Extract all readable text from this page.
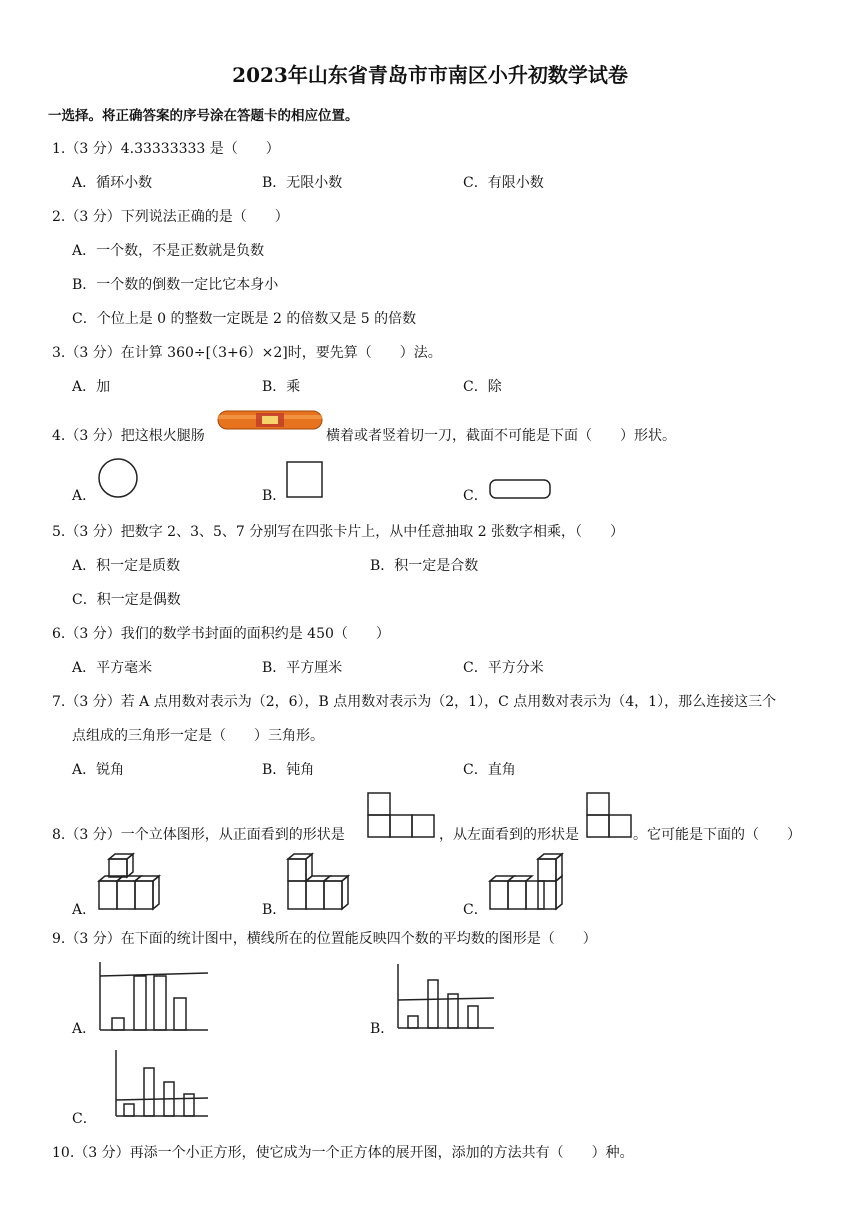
2023年山东省青岛市市南区小升初数学试卷
一选择。将正确答案的序号涂在答题卡的相应位置。
1.（3 分）4.33333333 是（　　）
A．循环小数	B．无限小数	C．有限小数
2.（3 分）下列说法正确的是（　　）
A．一个数，不是正数就是负数
B．一个数的倒数一定比它本身小
C．个位上是 0 的整数一定既是 2 的倍数又是 5 的倍数
3.（3 分）在计算 360÷[（3+6）×2]时，要先算（　　）法。
A．加	B．乘	C．除
4.（3 分）把这根火腿肠	横着或者竖着切一刀，截面不可能是下面（　　）形状。
A．	B．	C．
5.（3 分）把数字 2、3、5、7 分别写在四张卡片上，从中任意抽取 2 张数字相乘，（　　）
A．积一定是质数	B．积一定是合数
C．积一定是偶数
6.（3 分）我们的数学书封面的面积约是 450（　　）
A．平方毫米	B．平方厘米	C．平方分米
7.（3 分）若 A 点用数对表示为（2，6），B 点用数对表示为（2，1），C 点用数对表示为（4，1），那么连接这三个
点组成的三角形一定是（　　）三角形。
A．锐角	B．钝角	C．直角
8.（3 分）一个立体图形，从正面看到的形状是	，从左面看到的形状是	。它可能是下面的（　　）
A．	B．	C．
9.（3 分）在下面的统计图中，横线所在的位置能反映四个数的平均数的图形是（　　）
A．	B．
C．
10.（3 分）再添一个小正方形，使它成为一个正方体的展开图，添加的方法共有（　　）种。
